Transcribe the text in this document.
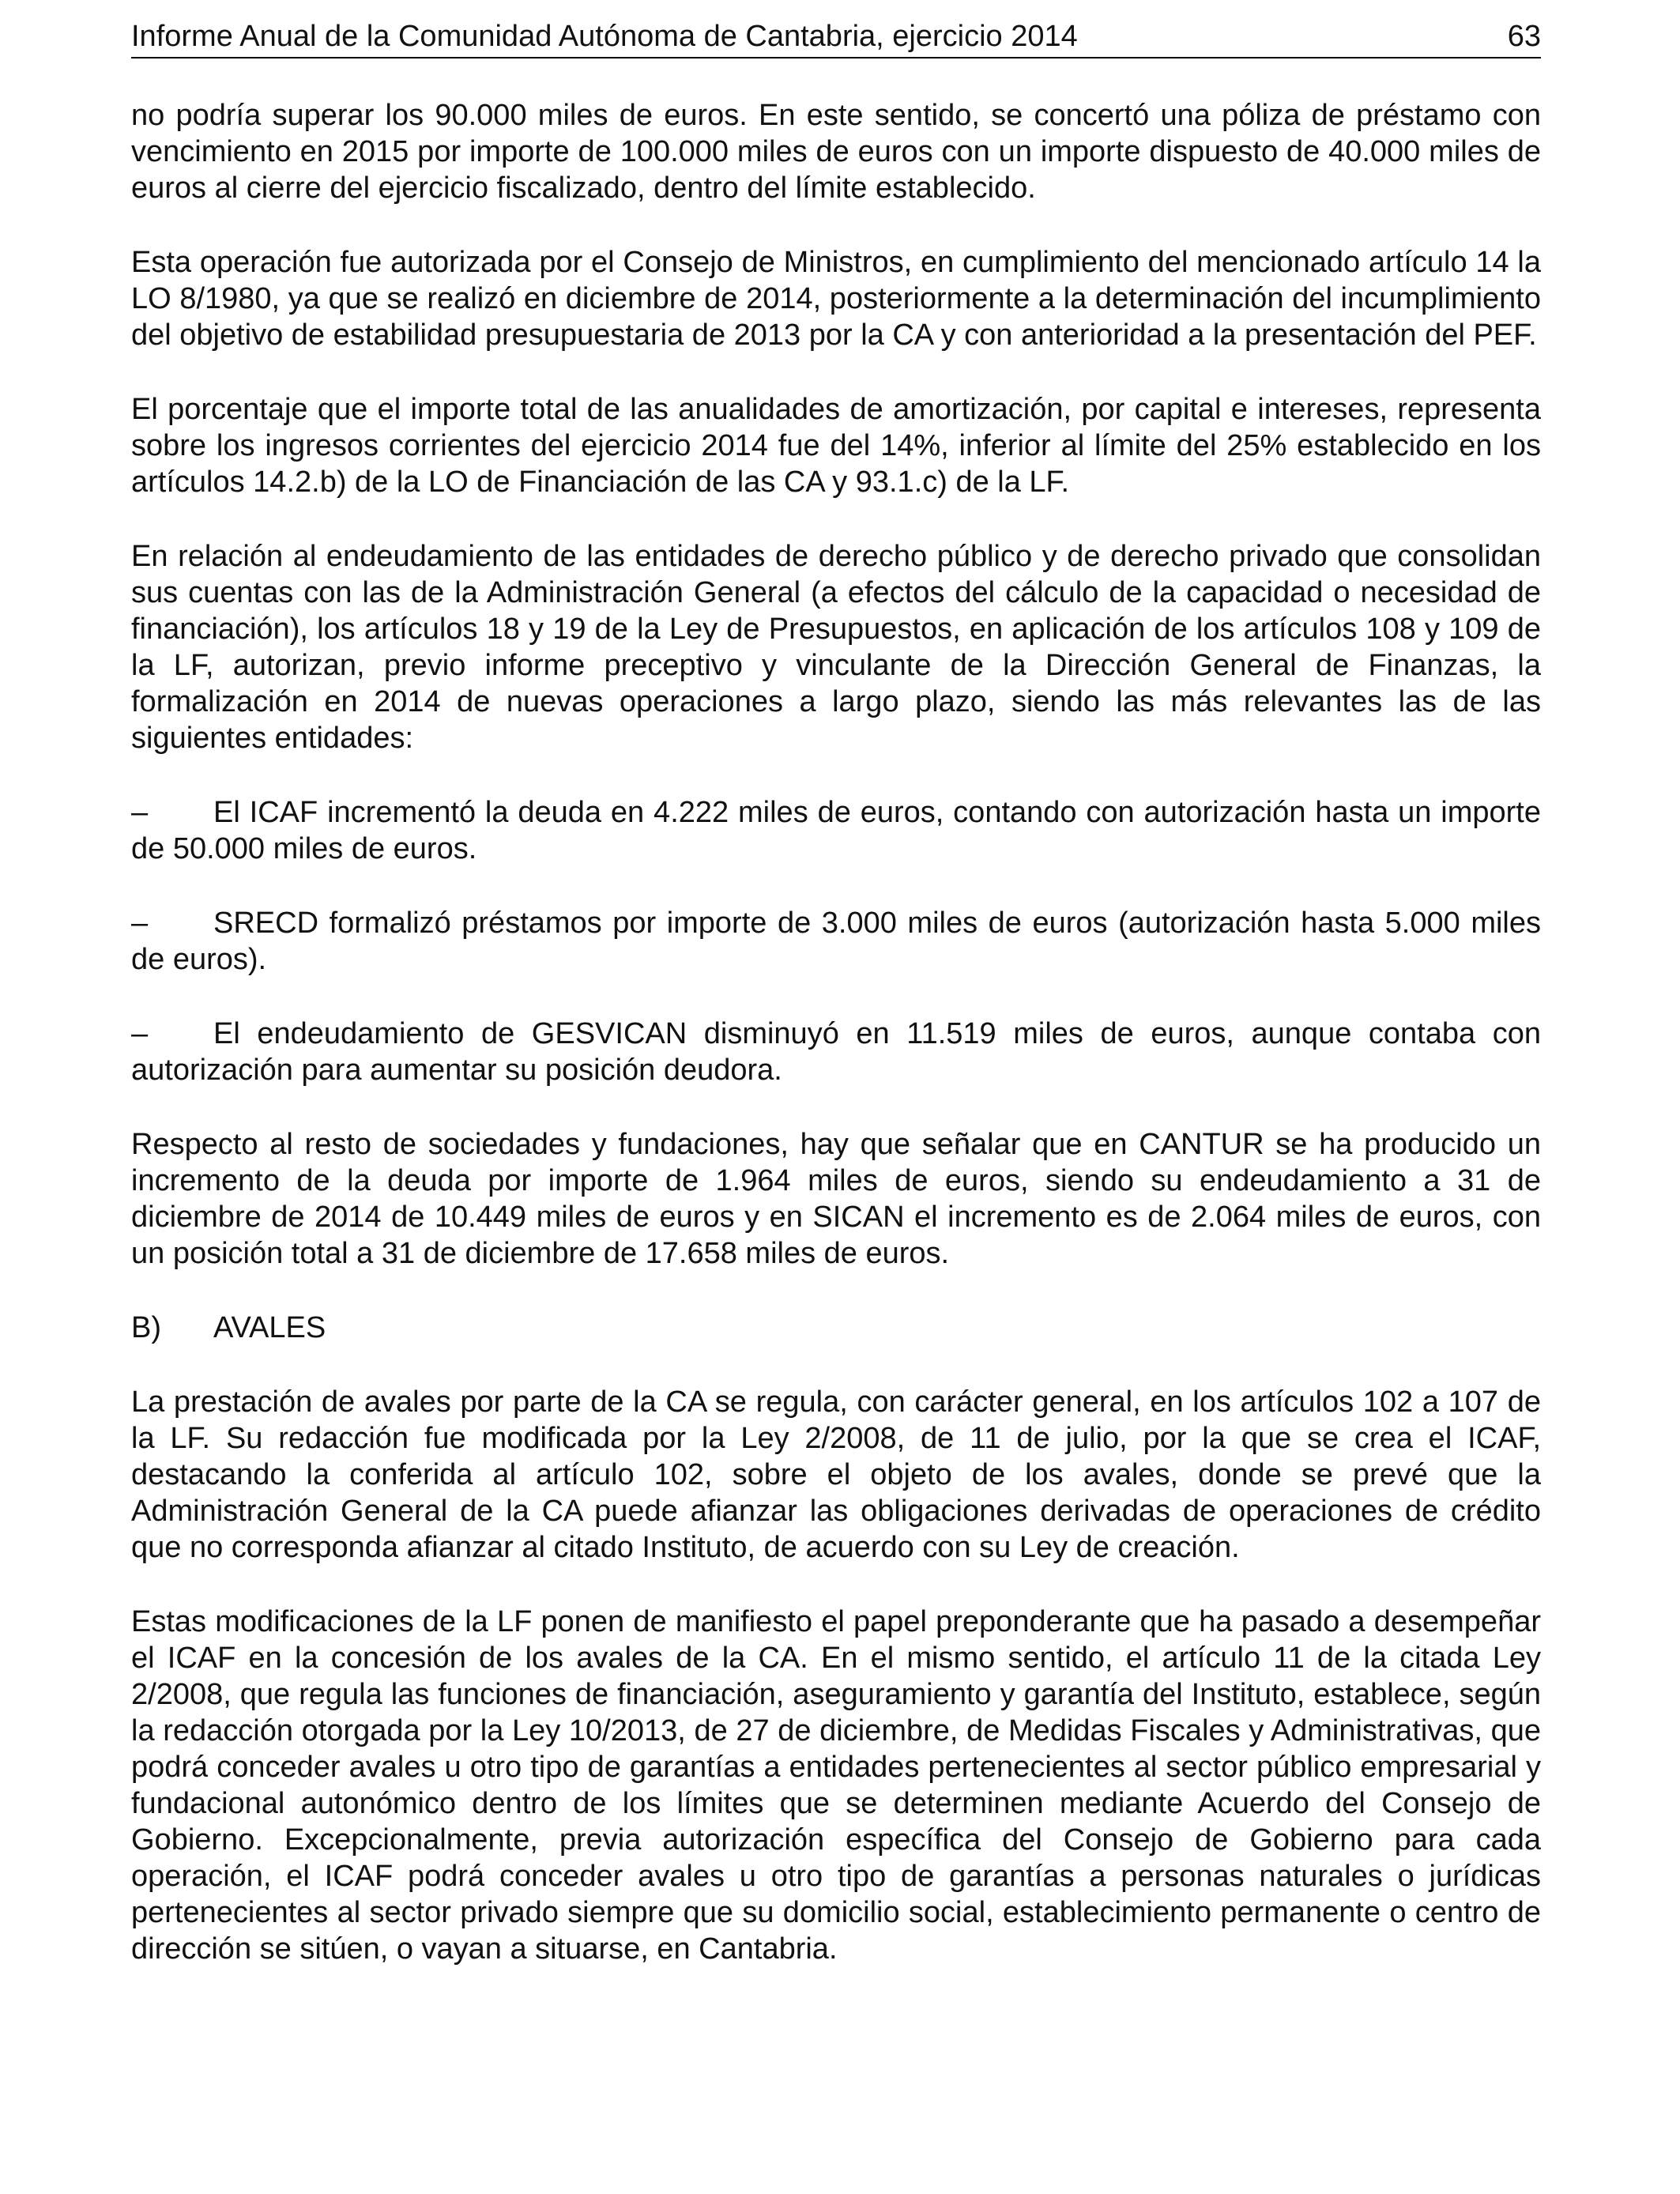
Informe Anual de la Comunidad Autónoma de Cantabria, ejercicio 2014	63

no podría superar los 90.000 miles de euros. En este sentido, se concertó una póliza de préstamo con vencimiento en 2015 por importe de 100.000 miles de euros con un importe dispuesto de 40.000 miles de euros al cierre del ejercicio fiscalizado, dentro del límite establecido.

Esta operación fue autorizada por el Consejo de Ministros, en cumplimiento del mencionado artículo 14 la LO 8/1980, ya que se realizó en diciembre de 2014, posteriormente a la determinación del incumplimiento del objetivo de estabilidad presupuestaria de 2013 por la CA y con anterioridad a la presentación del PEF.

El porcentaje que el importe total de las anualidades de amortización, por capital e intereses, representa sobre los ingresos corrientes del ejercicio 2014 fue del 14%, inferior al límite del 25% establecido en los artículos 14.2.b) de la LO de Financiación de las CA y 93.1.c) de la LF.

En relación al endeudamiento de las entidades de derecho público y de derecho privado que consolidan sus cuentas con las de la Administración General (a efectos del cálculo de la capacidad o necesidad de financiación), los artículos 18 y 19 de la Ley de Presupuestos, en aplicación de los artículos 108 y 109 de la LF, autorizan, previo informe preceptivo y vinculante de la Dirección General de Finanzas, la formalización en 2014 de nuevas operaciones a largo plazo, siendo las más relevantes las de las siguientes entidades:

– El ICAF incrementó la deuda en 4.222 miles de euros, contando con autorización hasta un importe de 50.000 miles de euros.

– SRECD formalizó préstamos por importe de 3.000 miles de euros (autorización hasta 5.000 miles de euros).

– El endeudamiento de GESVICAN disminuyó en 11.519 miles de euros, aunque contaba con autorización para aumentar su posición deudora.

Respecto al resto de sociedades y fundaciones, hay que señalar que en CANTUR se ha producido un incremento de la deuda por importe de 1.964 miles de euros, siendo su endeudamiento a 31 de diciembre de 2014 de 10.449 miles de euros y en SICAN el incremento es de 2.064 miles de euros, con un posición total a 31 de diciembre de 17.658 miles de euros.

B) AVALES

La prestación de avales por parte de la CA se regula, con carácter general, en los artículos 102 a 107 de la LF. Su redacción fue modificada por la Ley 2/2008, de 11 de julio, por la que se crea el ICAF, destacando la conferida al artículo 102, sobre el objeto de los avales, donde se prevé que la Administración General de la CA puede afianzar las obligaciones derivadas de operaciones de crédito que no corresponda afianzar al citado Instituto, de acuerdo con su Ley de creación.

Estas modificaciones de la LF ponen de manifiesto el papel preponderante que ha pasado a desempeñar el ICAF en la concesión de los avales de la CA. En el mismo sentido, el artículo 11 de la citada Ley 2/2008, que regula las funciones de financiación, aseguramiento y garantía del Instituto, establece, según la redacción otorgada por la Ley 10/2013, de 27 de diciembre, de Medidas Fiscales y Administrativas, que podrá conceder avales u otro tipo de garantías a entidades pertenecientes al sector público empresarial y fundacional autonómico dentro de los límites que se determinen mediante Acuerdo del Consejo de Gobierno. Excepcionalmente, previa autorización específica del Consejo de Gobierno para cada operación, el ICAF podrá conceder avales u otro tipo de garantías a personas naturales o jurídicas pertenecientes al sector privado siempre que su domicilio social, establecimiento permanente o centro de dirección se sitúen, o vayan a situarse, en Cantabria.
